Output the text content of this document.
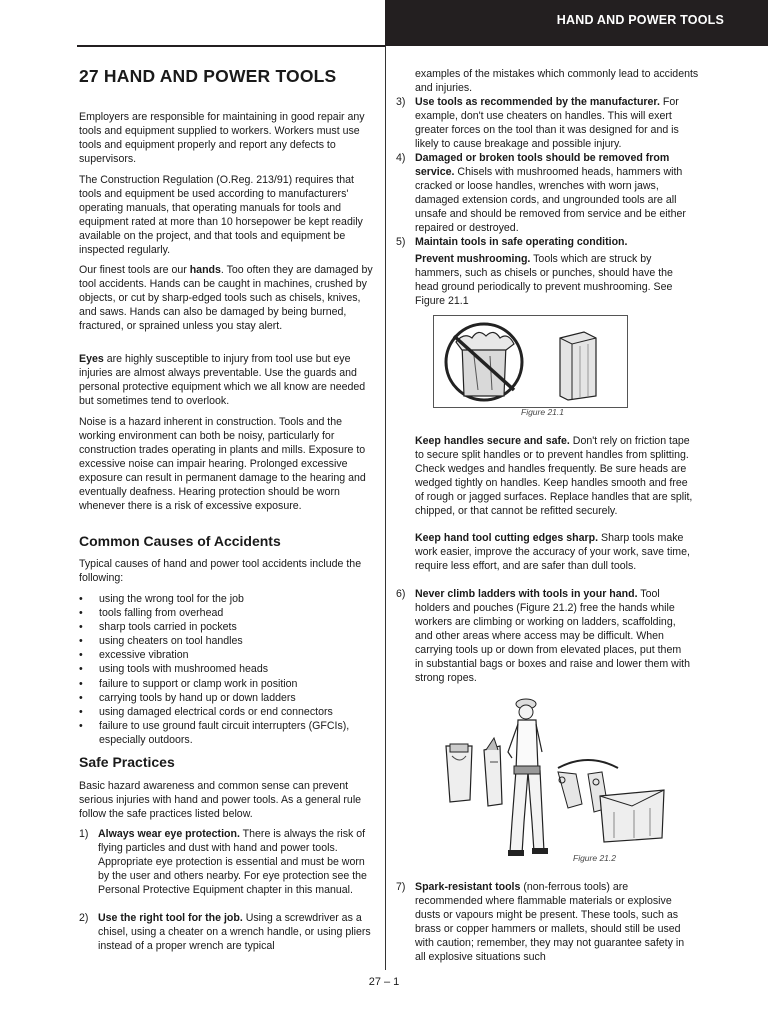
HAND AND POWER TOOLS
27 HAND AND POWER TOOLS

Employers are responsible for maintaining in good repair any tools and equipment supplied to workers. Workers must use tools and equipment properly and report any defects to supervisors.

The Construction Regulation (O.Reg. 213/91) requires that tools and equipment be used according to manufacturers' operating manuals, that operating manuals for tools and equipment rated at more than 10 horsepower be kept readily available on the project, and that tools and equipment be inspected regularly.

Our finest tools are our hands. Too often they are damaged by tool accidents. Hands can be caught in machines, crushed by objects, or cut by sharp-edged tools such as chisels, knives, and saws. Hands can also be damaged by being burned, fractured, or sprained unless you stay alert.

Eyes are highly susceptible to injury from tool use but eye injuries are almost always preventable. Use the guards and personal protective equipment which we all know are needed but sometimes tend to overlook.

Noise is a hazard inherent in construction. Tools and the working environment can both be noisy, particularly for construction trades operating in plants and mills. Exposure to excessive noise can impair hearing. Prolonged excessive exposure can result in permanent damage to the hearing and eventually deafness. Hearing protection should be worn whenever there is a risk of excessive exposure.

Common Causes of Accidents

Typical causes of hand and power tool accidents include the following:

• using the wrong tool for the job
• tools falling from overhead
• sharp tools carried in pockets
• using cheaters on tool handles
• excessive vibration
• using tools with mushroomed heads
• failure to support or clamp work in position
• carrying tools by hand up or down ladders
• using damaged electrical cords or end connectors
• failure to use ground fault circuit interrupters (GFCIs), especially outdoors.
Safe Practices

Basic hazard awareness and common sense can prevent serious injuries with hand and power tools. As a general rule follow the safe practices listed below.

1) Always wear eye protection. There is always the risk of flying particles and dust with hand and power tools. Appropriate eye protection is essential and must be worn by the user and others nearby. For eye protection see the Personal Protective Equipment chapter in this manual.
2) Use the right tool for the job. Using a screwdriver as a chisel, using a cheater on a wrench handle, or using pliers instead of a proper wrench are typical

examples of the mistakes which commonly lead to accidents and injuries.

3) Use tools as recommended by the manufacturer. For example, don't use cheaters on handles. This will exert greater forces on the tool than it was designed for and is likely to cause breakage and possible injury.
4) Damaged or broken tools should be removed from service. Chisels with mushroomed heads, hammers with cracked or loose handles, wrenches with worn jaws, damaged extension cords, and ungrounded tools are all unsafe and should be removed from service and be either repaired or destroyed.
5) Maintain tools in safe operating condition.

Prevent mushrooming. Tools which are struck by hammers, such as chisels or punches, should have the head ground periodically to prevent mushrooming. See Figure 21.1

Figure 21.1

Keep handles secure and safe. Don't rely on friction tape to secure split handles or to prevent handles from splitting. Check wedges and handles frequently. Be sure heads are wedged tightly on handles. Keep handles smooth and free of rough or jagged surfaces. Replace handles that are split, chipped, or that cannot be refitted securely.

Keep hand tool cutting edges sharp. Sharp tools make work easier, improve the accuracy of your work, save time, require less effort, and are safer than dull tools.

6) Never climb ladders with tools in your hand. Tool holders and pouches (Figure 21.2) free the hands while workers are climbing or working on ladders, scaffolding, and other areas where access may be difficult. When carrying tools up or down from elevated places, put them in substantial bags or boxes and raise and lower them with strong ropes.
Figure 21.2
7) Spark-resistant tools (non-ferrous tools) are recommended where flammable materials or explosive dusts or vapours might be present. These tools, such as brass or copper hammers or mallets, should still be used with caution; remember, they may not guarantee safety in all explosive situations such
27 – 1
